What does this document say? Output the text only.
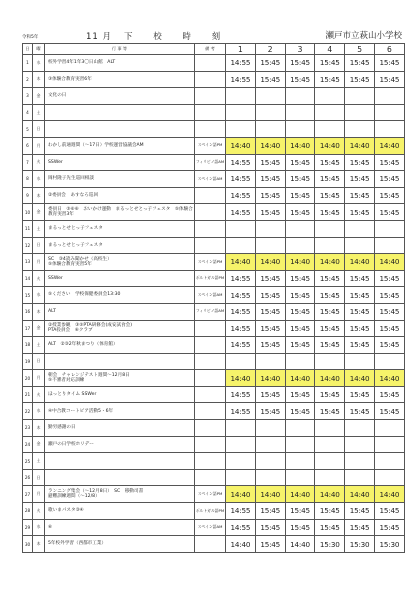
令和5年	11 月 下 校 時 刻	瀬戸市立萩山小学校
日	曜	行 事 等	備 考	1	2	3	4	5	6
1	水	校外学習4年1年3〇日山館　ALT		14:55	15:45	15:45	15:45	15:45	15:45
2	木	③体験合教育実習6年		14:55	15:45	15:45	15:45	15:45	15:45
3	金	文化の日							

4	土								
5	日								
6	月	わかし前通週間（～17日）学校運営協議会AM	スペイン語PM	14:40	14:40	14:40	14:40	14:40	14:40
7	火	SSWer	フィリピノ語AM	14:55	15:45	15:45	15:45	15:45	15:45
8	水	岡村隆子先生巡回相談	スペイン語AM	14:55	15:45	15:45	15:45	15:45	15:45
9	木	②委員会　あすなろ巡回		14:55	15:45	15:45	15:45	15:45	15:45
10	金	委員日　⑤⑥⑥　おいかけ運動　まるっとせとっ子フェスタ　⑤体験合教育実習3年		14:55	15:45	15:45	15:45	15:45	15:45
11	土	まるっとせとっ子フェスタ							

12	日	まるっとせとっ子フェスタ							

13	月	SC　③4読み聞かせ（高校生）
⑤体験合教育実習5年	スペイン語PM	14:40	14:40	14:40	14:40	14:40	14:40
14	火	SSWer	ポルトガル語PM	14:55	15:45	15:45	15:45	15:45	15:45
15	水	⑤ください　学校保健委員会13:30	スペイン語AM	14:55	15:45	15:45	15:45	15:45	15:45
16	木	ALT	フィリピノ語AM	14:55	15:45	15:45	15:45	15:45	15:45
17	金	②授業参観　③⑤PTA研修会(成安試食会)
PTA役員会　⑥クラブ		14:55	15:45	15:45	15:45	15:45	15:45
18	土	ALT　②③2年秋まつり（体育館）		14:55	15:45	15:45	15:45	15:45	15:45
19	日								
20	月	朝会　チャレンジテスト週間～12月8日
⑤不審者対応訓練		14:40	14:40	14:40	14:40	14:40	14:40
21	火	ほっとりタイム SSWer		14:55	15:45	15:45	15:45	15:45	15:45
22	水	④中合教コートピア活動5・6年		14:55	15:45	15:45	15:45	15:45	15:45
23	木	勤労感謝の日							

24	金	瀬戸の日学校ホリデー							

25	土								
26	日								
27	月	ランニング集会（～12月8日）　SC　移動司書
避難訓練週間（～12/8）	スペイン語PM	14:40	14:40	14:40	14:40	14:40	14:40
28	火	歌いまパスタ③④	ポルトガル語PM	14:55	15:45	15:45	15:45	15:45	15:45
29	水	⑥	スペイン語AM	14:55	15:45	15:45	15:45	15:45	15:45
30	木	5年校外学習（西都市工業）		14:40	15:45	14:40	15:30	15:30	15:30
